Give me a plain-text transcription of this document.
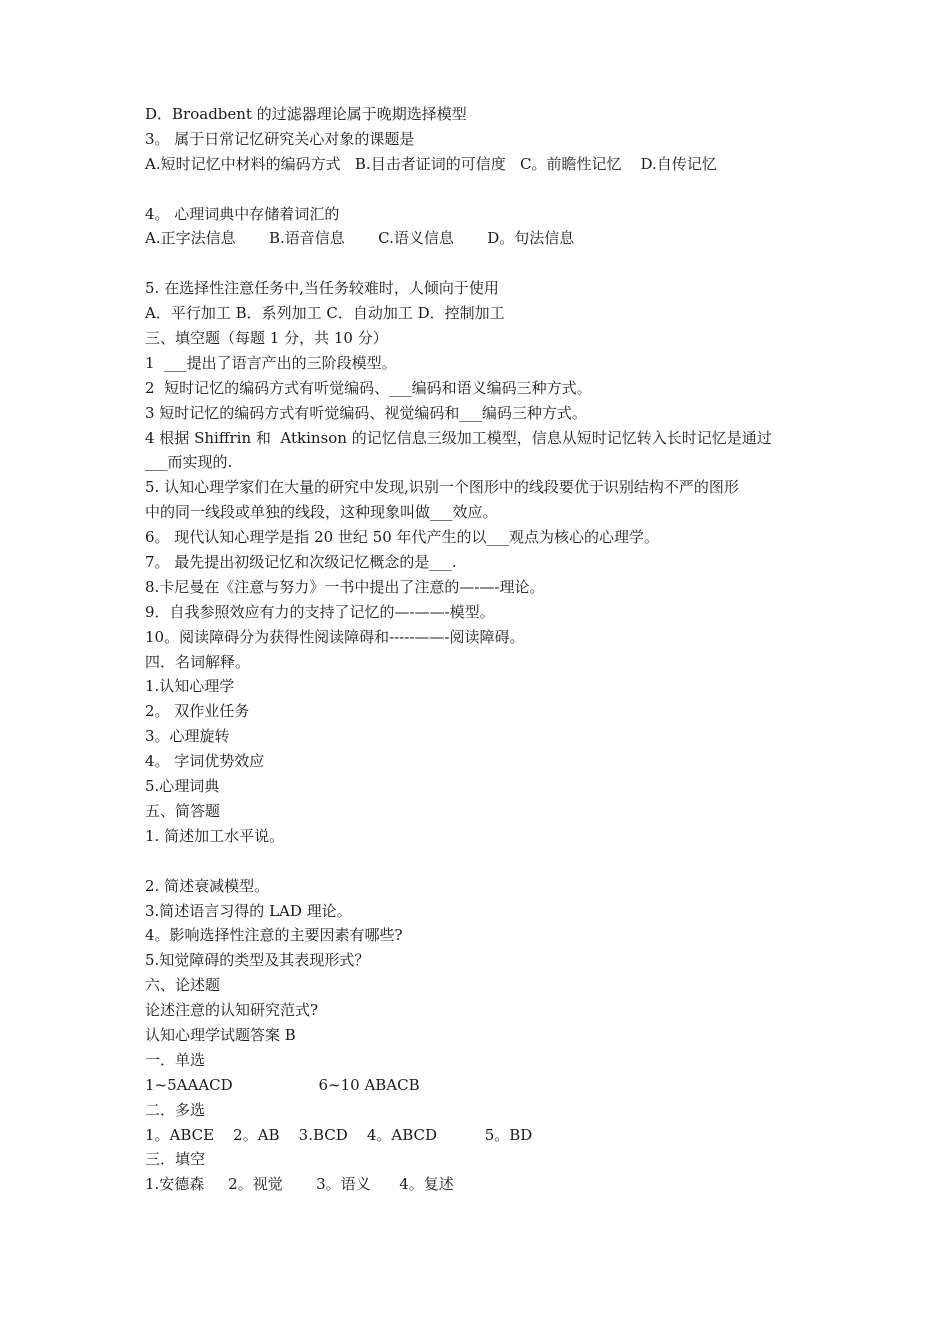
D．Broadbent 的过滤器理论属于晚期选择模型
3。 属于日常记忆研究关心对象的课题是
A.短时记忆中材料的编码方式   B.目击者证词的可信度   C。前瞻性记忆    D.自传记忆
4。 心理词典中存储着词汇的
A.正字法信息       B.语音信息       C.语义信息       D。句法信息
5. 在选择性注意任务中,当任务较难时，人倾向于使用
A．平行加工 B．系列加工 C．自动加工 D．控制加工
三、填空题（每题 1 分，共 10 分）
1  ___提出了语言产出的三阶段模型。
2  短时记忆的编码方式有听觉编码、___编码和语义编码三种方式。
3 短时记忆的编码方式有听觉编码、视觉编码和___编码三种方式。
4 根据 Shiffrin 和  Atkinson 的记忆信息三级加工模型，信息从短时记忆转入长时记忆是通过
___而实现的.
5. 认知心理学家们在大量的研究中发现,识别一个图形中的线段要优于识别结构不严的图形
中的同一线段或单独的线段，这种现象叫做___效应。
6。 现代认知心理学是指 20 世纪 50 年代产生的以___观点为核心的心理学。
7。 最先提出初级记忆和次级记忆概念的是___.
8.卡尼曼在《注意与努力》一书中提出了注意的—-—-理论。
9．自我参照效应有力的支持了记忆的—-——-模型。
10。阅读障碍分为获得性阅读障碍和-----——-阅读障碍。
四．名词解释。
1.认知心理学
2。 双作业任务
3。心理旋转
4。 字词优势效应
5.心理词典
五、简答题
1. 简述加工水平说。
2. 简述衰减模型。
3.简述语言习得的 LAD 理论。
4。影响选择性注意的主要因素有哪些?
5.知觉障碍的类型及其表现形式？
六、论述题
论述注意的认知研究范式?
认知心理学试题答案 B
一．单选
1~5AAACD                  6~10 ABACB
二．多选
1。ABCE    2。AB    3.BCD    4。ABCD          5。BD
三．填空
1.安德森     2。视觉       3。语义      4。复述
